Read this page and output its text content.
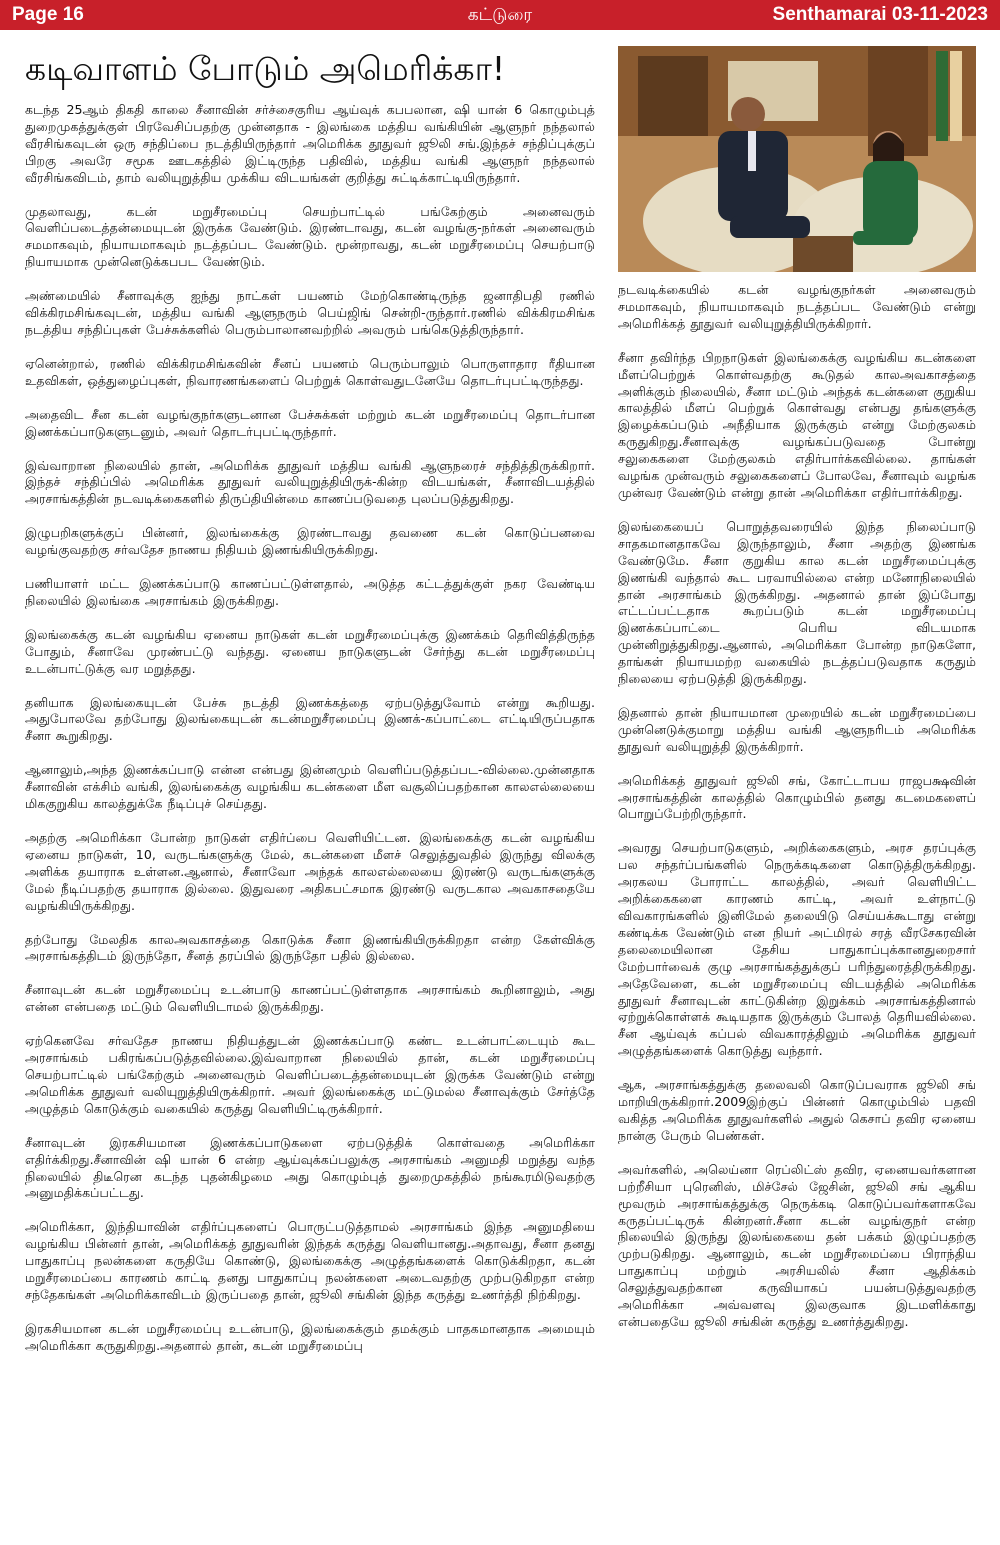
Page 16	கட்டுரை	Senthamarai 03-11-2023
கடிவாளம் போடும் அமெரிக்கா!

கடந்த 25ஆம் திகதி காலை சீனாவின் சர்ச்சைகுரிய ஆய்வுக் கபபலான, ஷி யான் 6 கொழும்புத் துறைமுகத்துக்குள் பிரவேசிப்பதற்கு முன்னதாக - இலங்கை மத்திய வங்கியின் ஆளுநர் நந்தலால் வீரசிங்கவுடன் ஒரு சந்திப்பை நடத்தியிருந்தார் அமெரிக்க தூதுவர் ஜூலி சங்.இந்தச் சந்திப்புக்குப் பிறகு அவரே சமூக ஊடகத்தில் இட்டிருந்த பதிவில், மத்திய வங்கி ஆளுநர் நந்தலால் வீரசிங்கவிடம், தாம் வலியுறுத்திய முக்கிய விடயங்கள் குறித்து சுட்டிக்காட்டியிருந்தார்.

முதலாவது, கடன் மறுசீரமைப்பு செயற்பாட்டில் பங்கேற்கும் அனைவரும் வெளிப்படைத்தன்மையுடன் இருக்க வேண்டும். இரண்டாவது, கடன் வழங்கு-நர்கள் அனைவரும் சமமாகவும், நியாயமாகவும் நடத்தப்பட வேண்டும். மூன்றாவது, கடன் மறுசீரமைப்பு செயற்பாடு நியாயமாக முன்னெடுக்கபபட வேண்டும்.

அண்மையில் சீனாவுக்கு ஐந்து நாட்கள் பயணம் மேற்கொண்டிருந்த ஜனாதிபதி ரணில் விக்கிரமசிங்கவுடன், மத்திய வங்கி ஆளுநரும் பெய்ஜிங் சென்றி-ருந்தார்.ரணில் விக்கிரமசிங்க நடத்திய சந்திப்புகள் பேச்சுக்களில் பெரும்பாலானவற்றில் அவரும் பங்கெடுத்திருந்தார்.

ஏனென்றால், ரணில் விக்கிரமசிங்கவின் சீனப் பயணம் பெரும்பாலும் பொருளாதார ரீதியான உதவிகள், ஒத்துழைப்புகள், நிவாரணங்களைப் பெற்றுக் கொள்வதுடனேயே தொடர்புபட்டிருந்தது.

அதைவிட சீன கடன் வழங்குநர்களுடனான பேச்சுக்கள் மற்றும் கடன் மறுசீரமைப்பு தொடர்பான இணக்கப்பாடுகளுடனும், அவர் தொடர்புபட்டிருந்தார்.

இவ்வாறான நிலையில் தான், அமெரிக்க தூதுவர் மத்திய வங்கி ஆளுநரைச் சந்தித்திருக்கிறார். இந்தச் சந்திப்பில் அமெரிக்க தூதுவர் வலியுறுத்தியிருக்-கின்ற விடயங்கள், சீனாவிடயத்தில் அரசாங்கத்தின் நடவடிக்கைகளில் திருப்தியின்மை காணப்படுவதை புலப்படுத்துகிறது.

இழுபறிகளுக்குப் பின்னர், இலங்கைக்கு இரண்டாவது தவணை கடன் கொடுப்பனவை வழங்குவதற்கு சர்வதேச நாணய நிதியம் இணங்கியிருக்கிறது.

பணியாளர் மட்ட இணக்கப்பாடு காணப்பட்டுள்ளதால், அடுத்த கட்டத்துக்குள் நகர வேண்டிய நிலையில் இலங்கை அரசாங்கம் இருக்கிறது.

இலங்கைக்கு கடன் வழங்கிய ஏனைய நாடுகள் கடன் மறுசீரமைப்புக்கு இணக்கம் தெரிவித்திருந்த போதும், சீனாவே முரண்பட்டு வந்தது. ஏனைய நாடுகளுடன் சேர்ந்து கடன் மறுசீரமைப்பு உடன்பாட்டுக்கு வர மறுத்தது.

தனியாக இலங்கையுடன் பேச்சு நடத்தி இணக்கத்தை ஏற்படுத்துவோம் என்று கூறியது. அதுபோலவே தற்போது இலங்கையுடன் கடன்மறுசீரமைப்பு இணக்-கப்பாட்டை எட்டியிருப்பதாக சீனா கூறுகிறது.

ஆனாலும்,அந்த இணக்கப்பாடு என்ன என்பது இன்னமும் வெளிப்படுத்தப்பட-வில்லை.முன்னதாக சீனாவின் எக்சிம் வங்கி, இலங்கைக்கு வழங்கிய கடன்களை மீள வசூலிப்பதற்கான காலஎல்லையை மிககுறுகிய காலத்துக்கே நீடிப்புச் செய்தது.

அதற்கு அமெரிக்கா போன்ற நாடுகள் எதிர்ப்பை வெளியிட்டன. இலங்கைக்கு கடன் வழங்கிய ஏனைய நாடுகள், 10, வருடங்களுக்கு மேல், கடன்களை மீளச் செலுத்துவதில் இருந்து விலக்கு அளிக்க தயாராக உள்ளன.ஆனால், சீனாவோ அந்தக் காலஎல்லையை இரண்டு வருடங்களுக்கு மேல் நீடிப்பதற்கு தயாராக இல்லை. இதுவரை அதிகபட்சமாக இரண்டு வருடகால அவகாசதையே வழங்கியிருக்கிறது.

தற்போது மேலதிக காலஅவகாசத்தை கொடுக்க சீனா இணங்கியிருக்கிறதா என்ற கேள்விக்கு அரசாங்கத்திடம் இருந்தோ, சீனத் தரப்பில் இருந்தோ பதில் இல்லை.

சீனாவுடன் கடன் மறுசீரமைப்பு உடன்பாடு காணப்பட்டுள்ளதாக அரசாங்கம் கூறினாலும், அது என்ன என்பதை மட்டும் வெளியிடாமல் இருக்கிறது.

ஏற்கெனவே சர்வதேச நாணய நிதியத்துடன் இணக்கப்பாடு கண்ட உடன்பாட்டையும் கூட அரசாங்கம் பகிரங்கப்படுத்தவில்லை.இவ்வாறான நிலையில் தான், கடன் மறுசீரமைப்பு செயற்பாட்டில் பங்கேற்கும் அனைவரும் வெளிப்படைத்தன்மையுடன் இருக்க வேண்டும் என்று அமெரிக்க தூதுவர் வலியுறுத்தியிருக்கிறார். அவர் இலங்கைக்கு மட்டுமல்ல சீனாவுக்கும் சேர்த்தே அழுத்தம் கொடுக்கும் வகையில் கருத்து வெளியிட்டிருக்கிறார்.

சீனாவுடன் இரகசியமான இணக்கப்பாடுகளை ஏற்படுத்திக் கொள்வதை அமெரிக்கா எதிர்க்கிறது.சீனாவின் ஷி யான் 6 என்ற ஆய்வுக்கப்பலுக்கு அரசாங்கம் அனுமதி மறுத்து வந்த நிலையில் திடீரென கடந்த புதன்கிழமை அது கொழும்புத் துறைமுகத்தில் நங்கூரமிடுவதற்கு அனுமதிக்கப்பட்டது.

அமெரிக்கா, இந்தியாவின் எதிர்ப்புகளைப் பொருட்படுத்தாமல் அரசாங்கம் இந்த அனுமதியை வழங்கிய பின்னர் தான், அமெரிக்கத் தூதுவரின் இந்தக் கருத்து வெளியானது.அதாவது, சீனா தனது பாதுகாப்பு நலன்களை கருதியே கொண்டு, இலங்கைக்கு அழுத்தங்களைக் கொடுக்கிறதா, கடன் மறுசீரமைப்பை காரணம் காட்டி தனது பாதுகாப்பு நலன்களை அடைவதற்கு முற்படுகிறதா என்ற சந்தேகங்கள் அமெரிக்காவிடம் இருப்பதை தான், ஜூலி சங்கின் இந்த கருத்து உணர்த்தி நிற்கிறது.

இரகசியமான கடன் மறுசீரமைப்பு உடன்பாடு, இலங்கைக்கும் தமக்கும் பாதகமானதாக அமையும் அமெரிக்கா கருதுகிறது.அதனால் தான், கடன் மறுசீரமைப்பு

நடவடிக்கையில் கடன் வழங்குநர்கள் அனைவரும் சமமாகவும், நியாயமாகவும் நடத்தப்பட வேண்டும் என்று அமெரிக்கத் தூதுவர் வலியுறுத்தியிருக்கிறார்.

சீனா தவிர்ந்த பிறநாடுகள் இலங்கைக்கு வழங்கிய கடன்களை மீளப்பெற்றுக் கொள்வதற்கு கூடுதல் காலஅவகாசத்தை அளிக்கும் நிலையில், சீனா மட்டும் அந்தக் கடன்களை குறுகிய காலத்தில் மீளப் பெற்றுக் கொள்வது என்பது தங்களுக்கு இழைக்கப்படும் அநீதியாக இருக்கும் என்று மேற்குலகம் கருதுகிறது.சீனாவுக்கு வழங்கப்படுவதை போன்று சலுகைகளை மேற்குலகம் எதிர்பார்க்கவில்லை. தாங்கள் வழங்க முன்வரும் சலுகைகளைப் போலவே, சீனாவும் வழங்க முன்வர வேண்டும் என்று தான் அமெரிக்கா எதிர்பார்க்கிறது.

இலங்கையைப் பொறுத்தவரையில் இந்த நிலைப்பாடு சாதகமானதாகவே இருந்தாலும், சீனா அதற்கு இணங்க வேண்டுமே. சீனா குறுகிய கால கடன் மறுசீரமைப்புக்கு இணங்கி வந்தால் கூட பரவாயில்லை என்ற மனோநிலையில் தான் அரசாங்கம் இருக்கிறது. அதனால் தான் இப்போது எட்டப்பட்டதாக கூறப்படும் கடன் மறுசீரமைப்பு இணக்கப்பாட்டை பெரிய விடயமாக முன்னிறுத்துகிறது.ஆனால், அமெரிக்கா போன்ற நாடுகளோ, தாங்கள் நியாயமற்ற வகையில் நடத்தப்படுவதாக கருதும் நிலையை ஏற்படுத்தி இருக்கிறது.

இதனால் தான் நியாயமான முறையில் கடன் மறுசீரமைப்பை முன்னெடுக்குமாறு மத்திய வங்கி ஆளுநரிடம் அமெரிக்க தூதுவர் வலியுறுத்தி இருக்கிறார்.

அமெரிக்கத் தூதுவர் ஜூலி சங், கோட்டாபய ராஜபக்ஷவின் அரசாங்கத்தின் காலத்தில் கொழும்பில் தனது கடமைகளைப் பொறுப்பேற்றிருந்தார்.

அவரது செயற்பாடுகளும், அறிக்கைகளும், அரச தரப்புக்கு பல சந்தர்ப்பங்களில் நெருக்கடிகளை கொடுத்திருக்கிறது. அரகலய போராட்ட காலத்தில், அவர் வெளியிட்ட அறிக்கைகளை காரணம் காட்டி, அவர் உள்நாட்டு விவகாரங்களில் இனிமேல் தலையிடு செய்யக்கூடாது என்று கண்டிக்க வேண்டும் என நியர் அட்மிரல் சரத் வீரசேகரவின் தலைமையிலான தேசிய பாதுகாப்புக்கானதுறைசார் மேற்பார்வைக் குழு அரசாங்கத்துக்குப் பரிந்துரைத்திருக்கிறது. அதேவேளை, கடன் மறுசீரமைப்பு விடயத்தில் அமெரிக்க தூதுவர் சீனாவுடன் காட்டுகின்ற இறுக்கம் அரசாங்கத்தினால் ஏற்றுக்கொள்ளக் கூடியதாக இருக்கும் போலத் தெரியவில்லை. சீன ஆய்வுக் கப்பல் விவகாரத்திலும் அமெரிக்க தூதுவர் அழுத்தங்களைக் கொடுத்து வந்தார்.

ஆக, அரசாங்கத்துக்கு தலைவலி கொடுப்பவராக ஜூலி சங் மாறியிருக்கிறார்.2009இற்குப் பின்னர் கொழும்பில் பதவி வகித்த அமெரிக்க தூதுவர்களில் அதுல் கெசாப் தவிர ஏனைய நான்கு பேரும் பெண்கள்.

அவர்களில், அலெய்னா ரெப்லிட்ஸ் தவிர, ஏனையவர்களான பற்றீசியா புரெனிஸ், மிச்சேல் ஜேசின், ஜூலி சங் ஆகிய மூவரும் அரசாங்கத்துக்கு நெருக்கடி கொடுப்பவர்களாகவே கருதப்பட்டிருக் கின்றனர்.சீனா கடன் வழங்குநர் என்ற நிலையில் இருந்து இலங்கையை தன் பக்கம் இழுப்பதற்கு முற்படுகிறது. ஆனாலும், கடன் மறுசீரமைப்பை பிராந்திய பாதுகாப்பு மற்றும் அரசியலில் சீனா ஆதிக்கம் செலுத்துவதற்கான கருவியாகப் பயன்படுத்துவதற்கு அமெரிக்கா அவ்வளவு இலகுவாக இடமளிக்காது என்பதையே ஜூலி சங்கின் கருத்து உணர்த்துகிறது.
